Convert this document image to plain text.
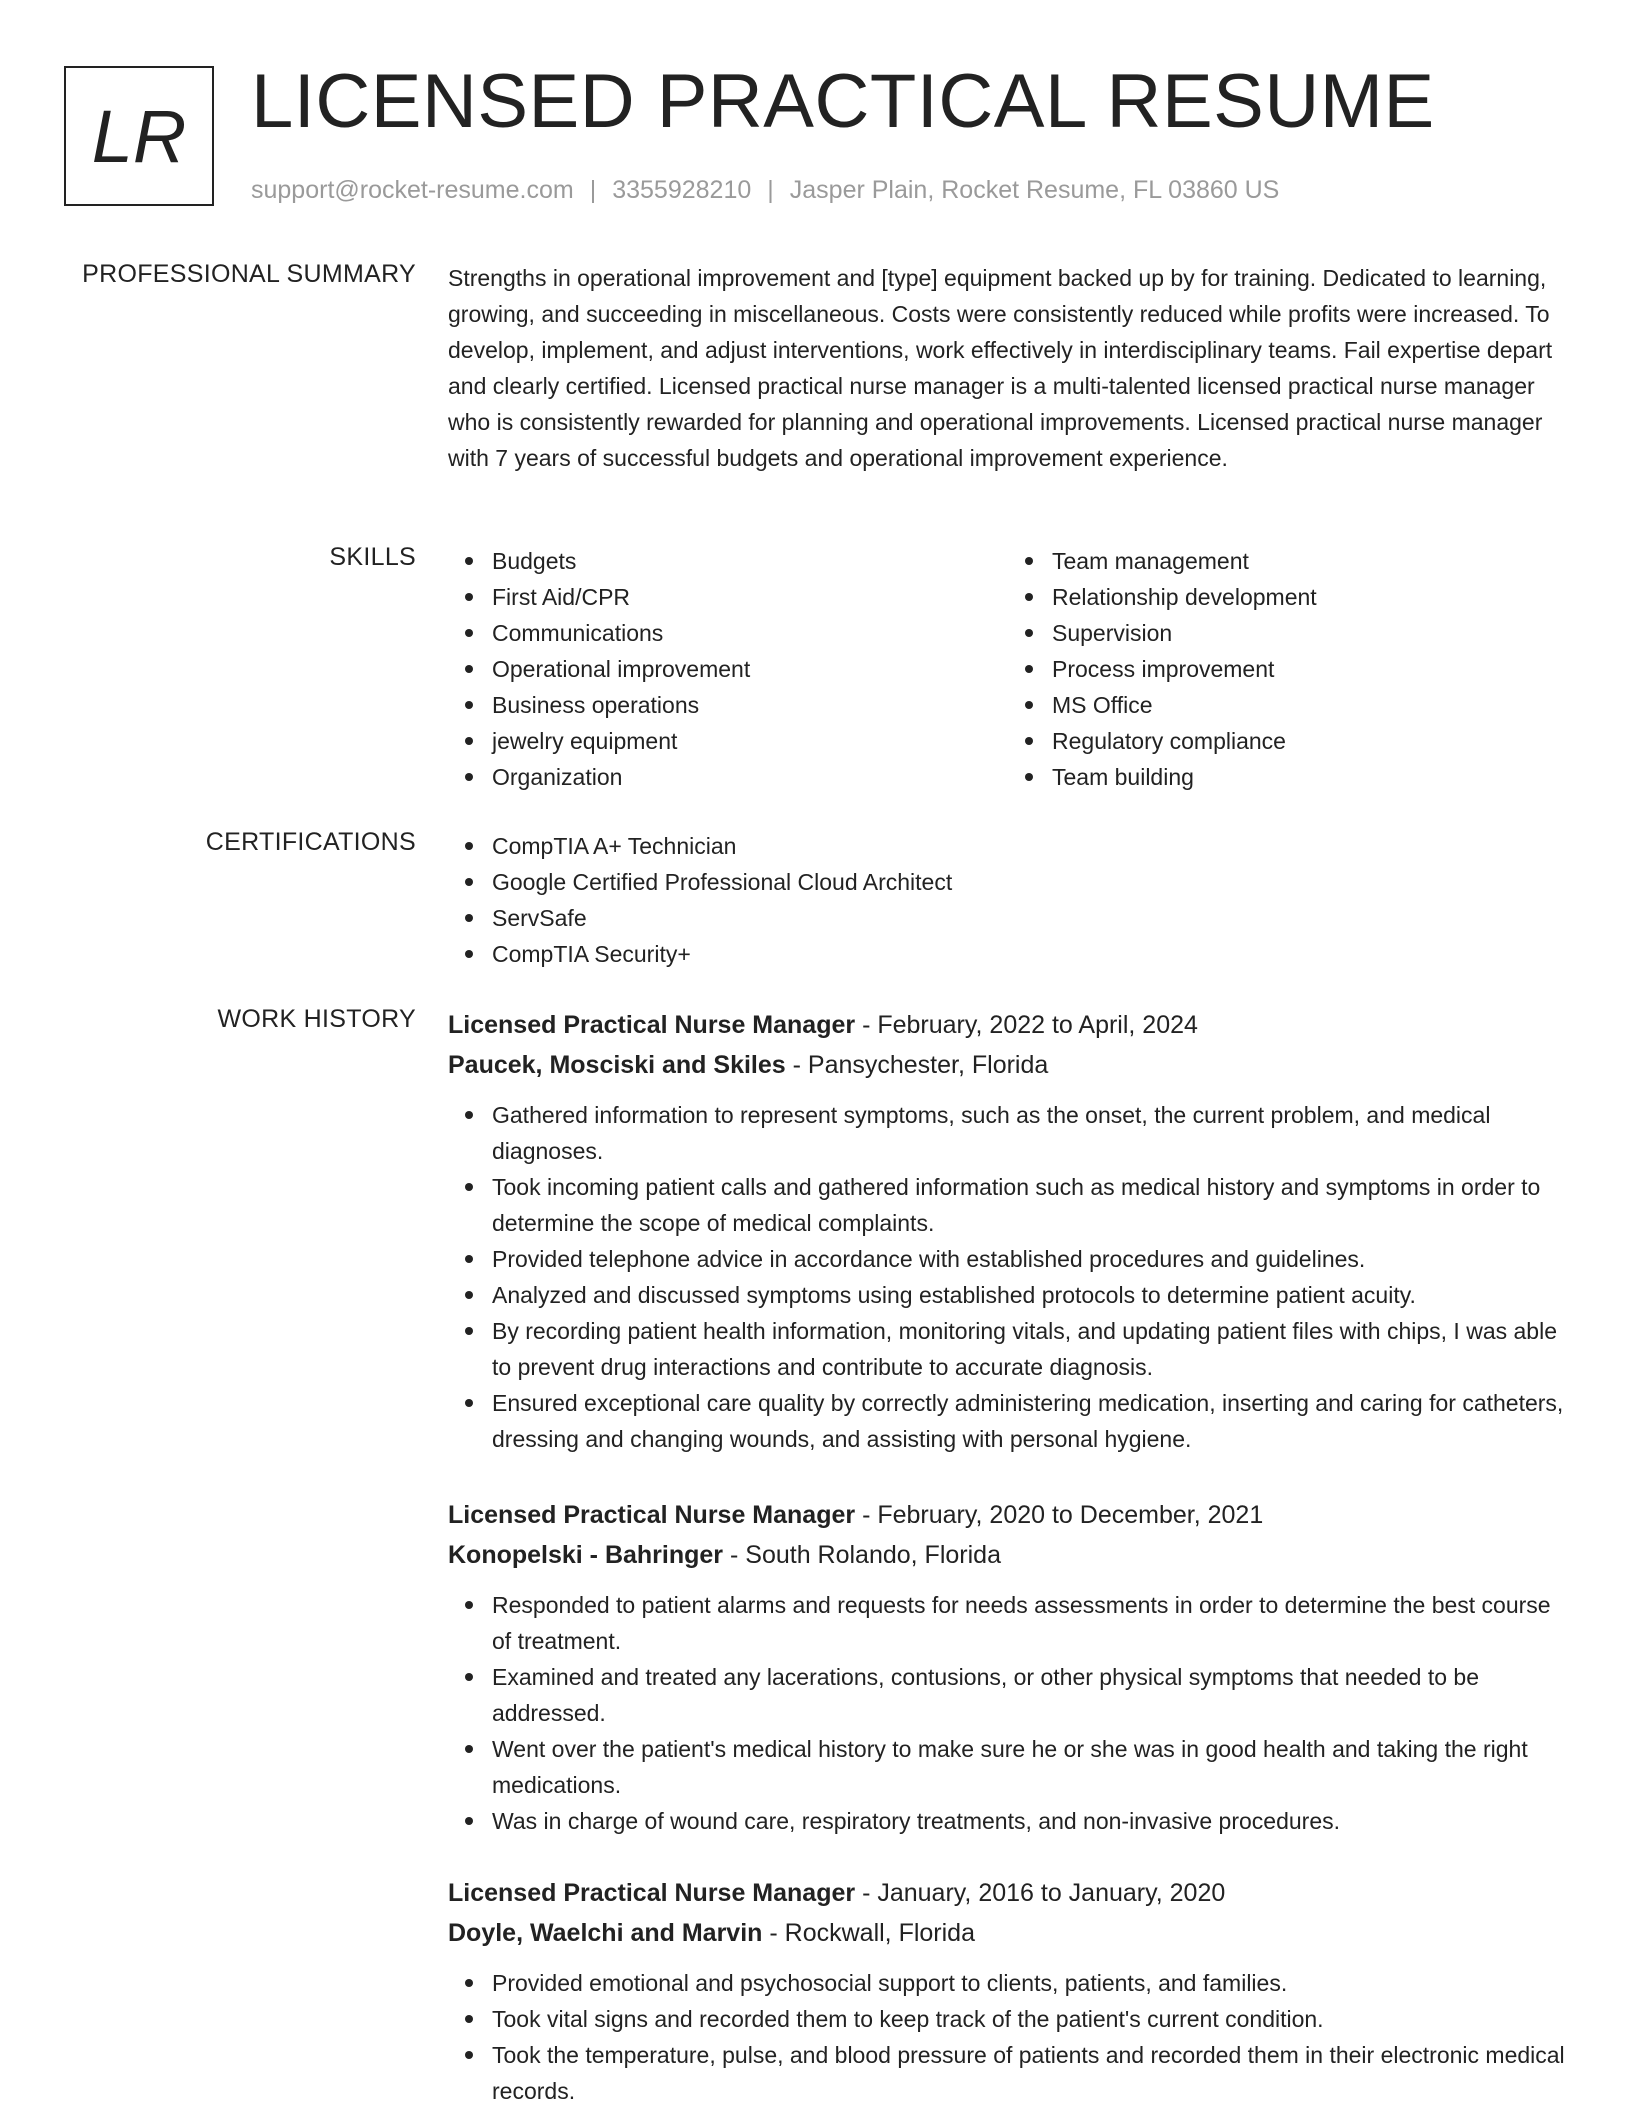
LR LICENSED PRACTICAL RESUME
support@rocket-resume.com | 3355928210 | Jasper Plain, Rocket Resume, FL 03860 US
PROFESSIONAL SUMMARY Strengths in operational improvement and [type] equipment backed up by for training. Dedicated to learning, growing, and succeeding in miscellaneous. Costs were consistently reduced while profits were increased. To develop, implement, and adjust interventions, work effectively in interdisciplinary teams. Fail expertise depart and clearly certified. Licensed practical nurse manager is a multi-talented licensed practical nurse manager who is consistently rewarded for planning and operational improvements. Licensed practical nurse manager with 7 years of successful budgets and operational improvement experience.

SKILLS	Budgets
First Aid/CPR
Communications
Operational improvement
Business operations
jewelry equipment
Organization
Team management
Relationship development
Supervision
Process improvement
MS Office
Regulatory compliance
Team building
CERTIFICATIONS	CompTIA A+ Technician
Google Certified Professional Cloud Architect
ServSafe
CompTIA Security+
WORK HISTORY Licensed Practical Nurse Manager - February, 2022 to April, 2024
Paucek, Mosciski and Skiles - Pansychester, Florida
Gathered information to represent symptoms, such as the onset, the current problem, and medical diagnoses.
Took incoming patient calls and gathered information such as medical history and symptoms in order to determine the scope of medical complaints.
Provided telephone advice in accordance with established procedures and guidelines.
Analyzed and discussed symptoms using established protocols to determine patient acuity.
By recording patient health information, monitoring vitals, and updating patient files with chips, I was able to prevent drug interactions and contribute to accurate diagnosis.
Ensured exceptional care quality by correctly administering medication, inserting and caring for catheters, dressing and changing wounds, and assisting with personal hygiene.
Licensed Practical Nurse Manager - February, 2020 to December, 2021
Konopelski - Bahringer - South Rolando, Florida
Responded to patient alarms and requests for needs assessments in order to determine the best course of treatment.
Examined and treated any lacerations, contusions, or other physical symptoms that needed to be addressed.
Went over the patient's medical history to make sure he or she was in good health and taking the right medications.
Was in charge of wound care, respiratory treatments, and non-invasive procedures.
Licensed Practical Nurse Manager - January, 2016 to January, 2020
Doyle, Waelchi and Marvin - Rockwall, Florida
Provided emotional and psychosocial support to clients, patients, and families.
Took vital signs and recorded them to keep track of the patient's current condition.
Took the temperature, pulse, and blood pressure of patients and recorded them in their electronic medical records.
